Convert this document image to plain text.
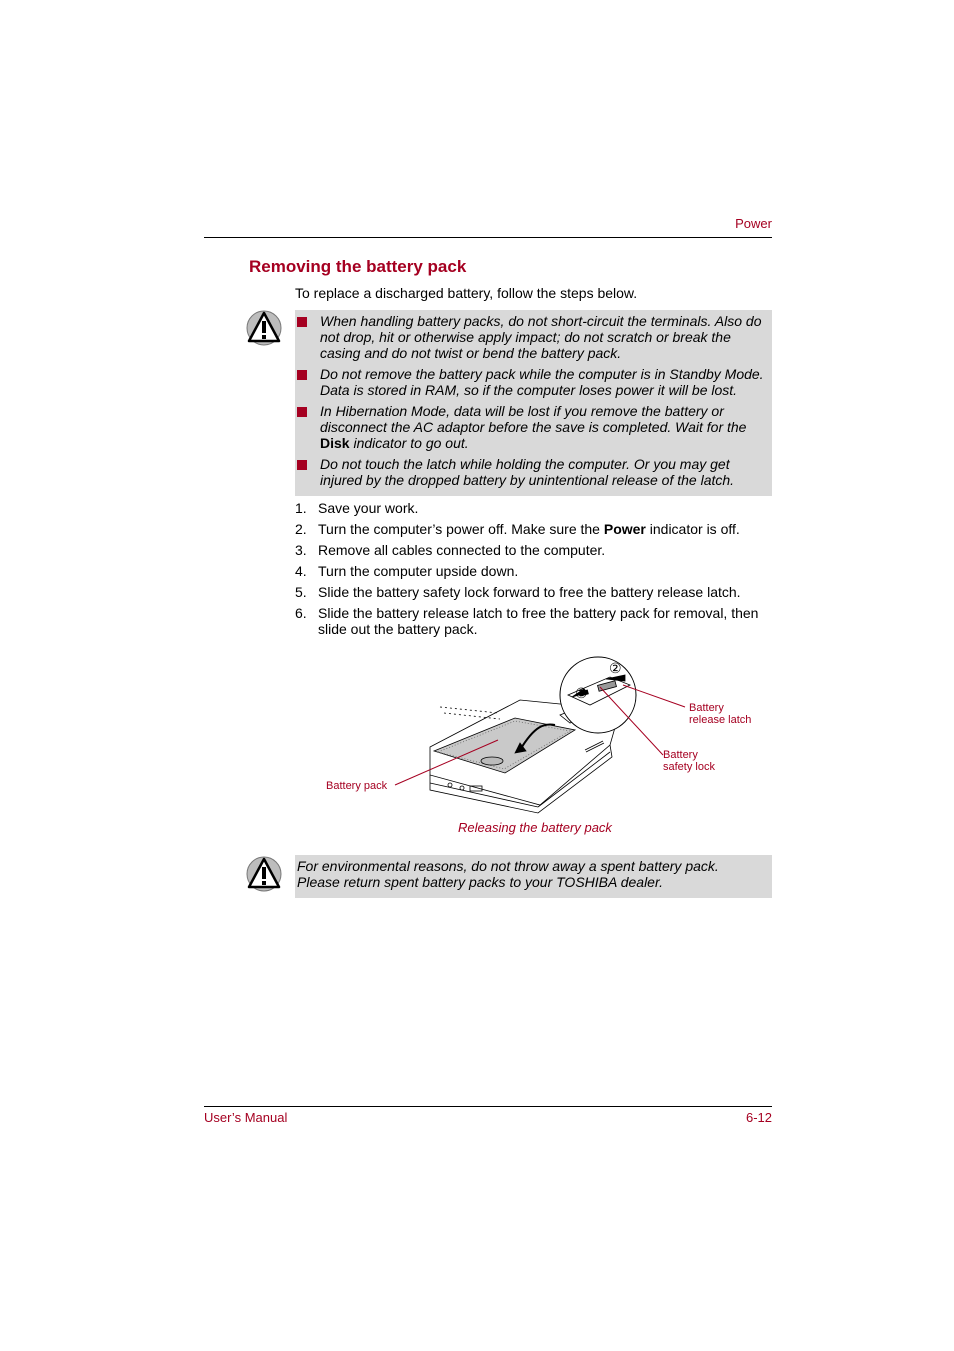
Power
Removing the battery pack
To replace a discharged battery, follow the steps below.
When handling battery packs, do not short-circuit the terminals. Also do not drop, hit or otherwise apply impact; do not scratch or break the casing and do not twist or bend the battery pack.
Do not remove the battery pack while the computer is in Standby Mode. Data is stored in RAM, so if the computer loses power it will be lost.
In Hibernation Mode, data will be lost if you remove the battery or disconnect the AC adaptor before the save is completed. Wait for the Disk indicator to go out.
Do not touch the latch while holding the computer. Or you may get injured by the dropped battery by unintentional release of the latch.
1. Save your work.
2. Turn the computer’s power off. Make sure the Power indicator is off.
3. Remove all cables connected to the computer.
4. Turn the computer upside down.
5. Slide the battery safety lock forward to free the battery release latch.
6. Slide the battery release latch to free the battery pack for removal, then slide out the battery pack.
②
①
Battery
release latch
Battery
safety lock
Battery pack
Releasing the battery pack
For environmental reasons, do not throw away a spent battery pack. Please return spent battery packs to your TOSHIBA dealer.
User’s Manual	6-12
